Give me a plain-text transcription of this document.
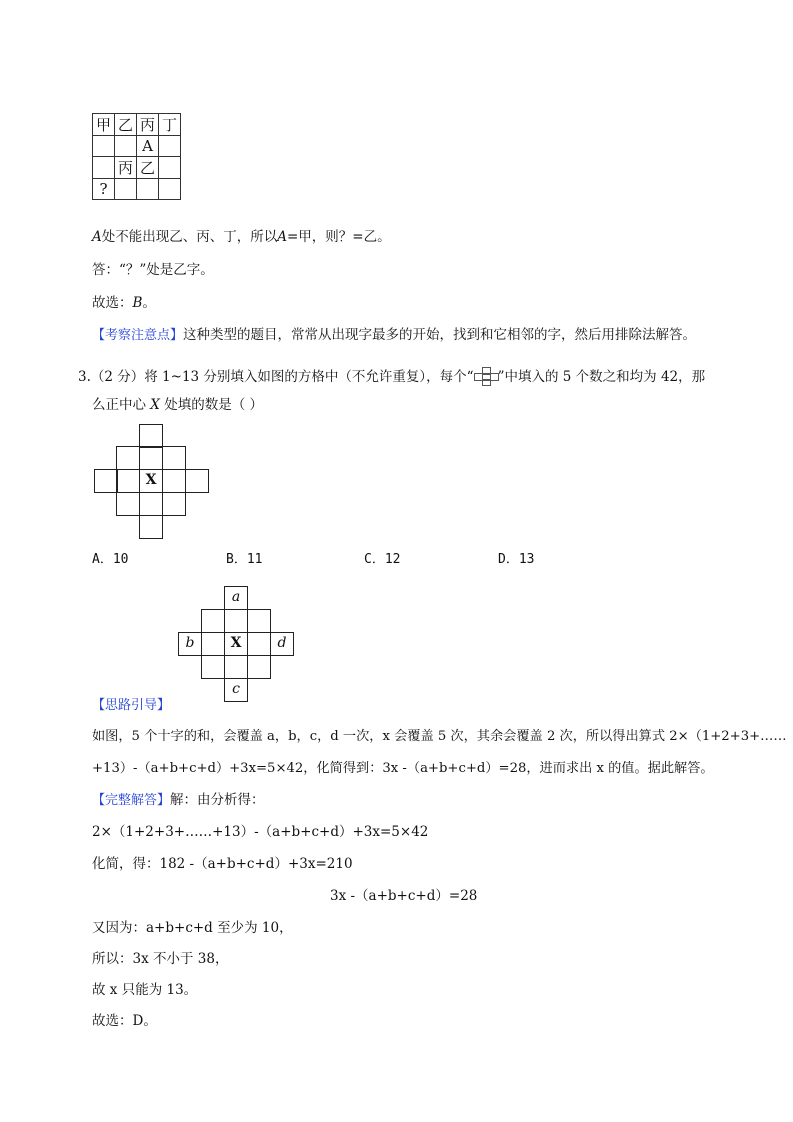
甲	乙	丙	丁
		A	
	丙	乙	
?			
A处不能出现乙、丙、丁，所以A=甲，则？=乙。
答：“？”处是乙字。
故选：B。
【考察注意点】这种类型的题目，常常从出现字最多的开始，找到和它相邻的字，然后用排除法解答。
3.（2 分）将 1~13 分别填入如图的方格中（不允许重复），每个“ ”中填入的 5 个数之和均为 42，那
么正中心 X 处填的数是（ ）
X
A．10	B．11	C．12	D．13
a
b	X	d
c
【思路引导】
如图，5 个十字的和，会覆盖 a，b，c，d 一次，x 会覆盖 5 次，其余会覆盖 2 次，所以得出算式 2×（1+2+3+……
+13）-（a+b+c+d）+3x=5×42，化简得到：3x -（a+b+c+d）=28，进而求出 x 的值。据此解答。
【完整解答】解：由分析得：
2×（1+2+3+……+13）-（a+b+c+d）+3x=5×42
化简，得：182 -（a+b+c+d）+3x=210
3x -（a+b+c+d）=28
又因为：a+b+c+d 至少为 10，
所以：3x 不小于 38，
故 x 只能为 13。
故选：D。
